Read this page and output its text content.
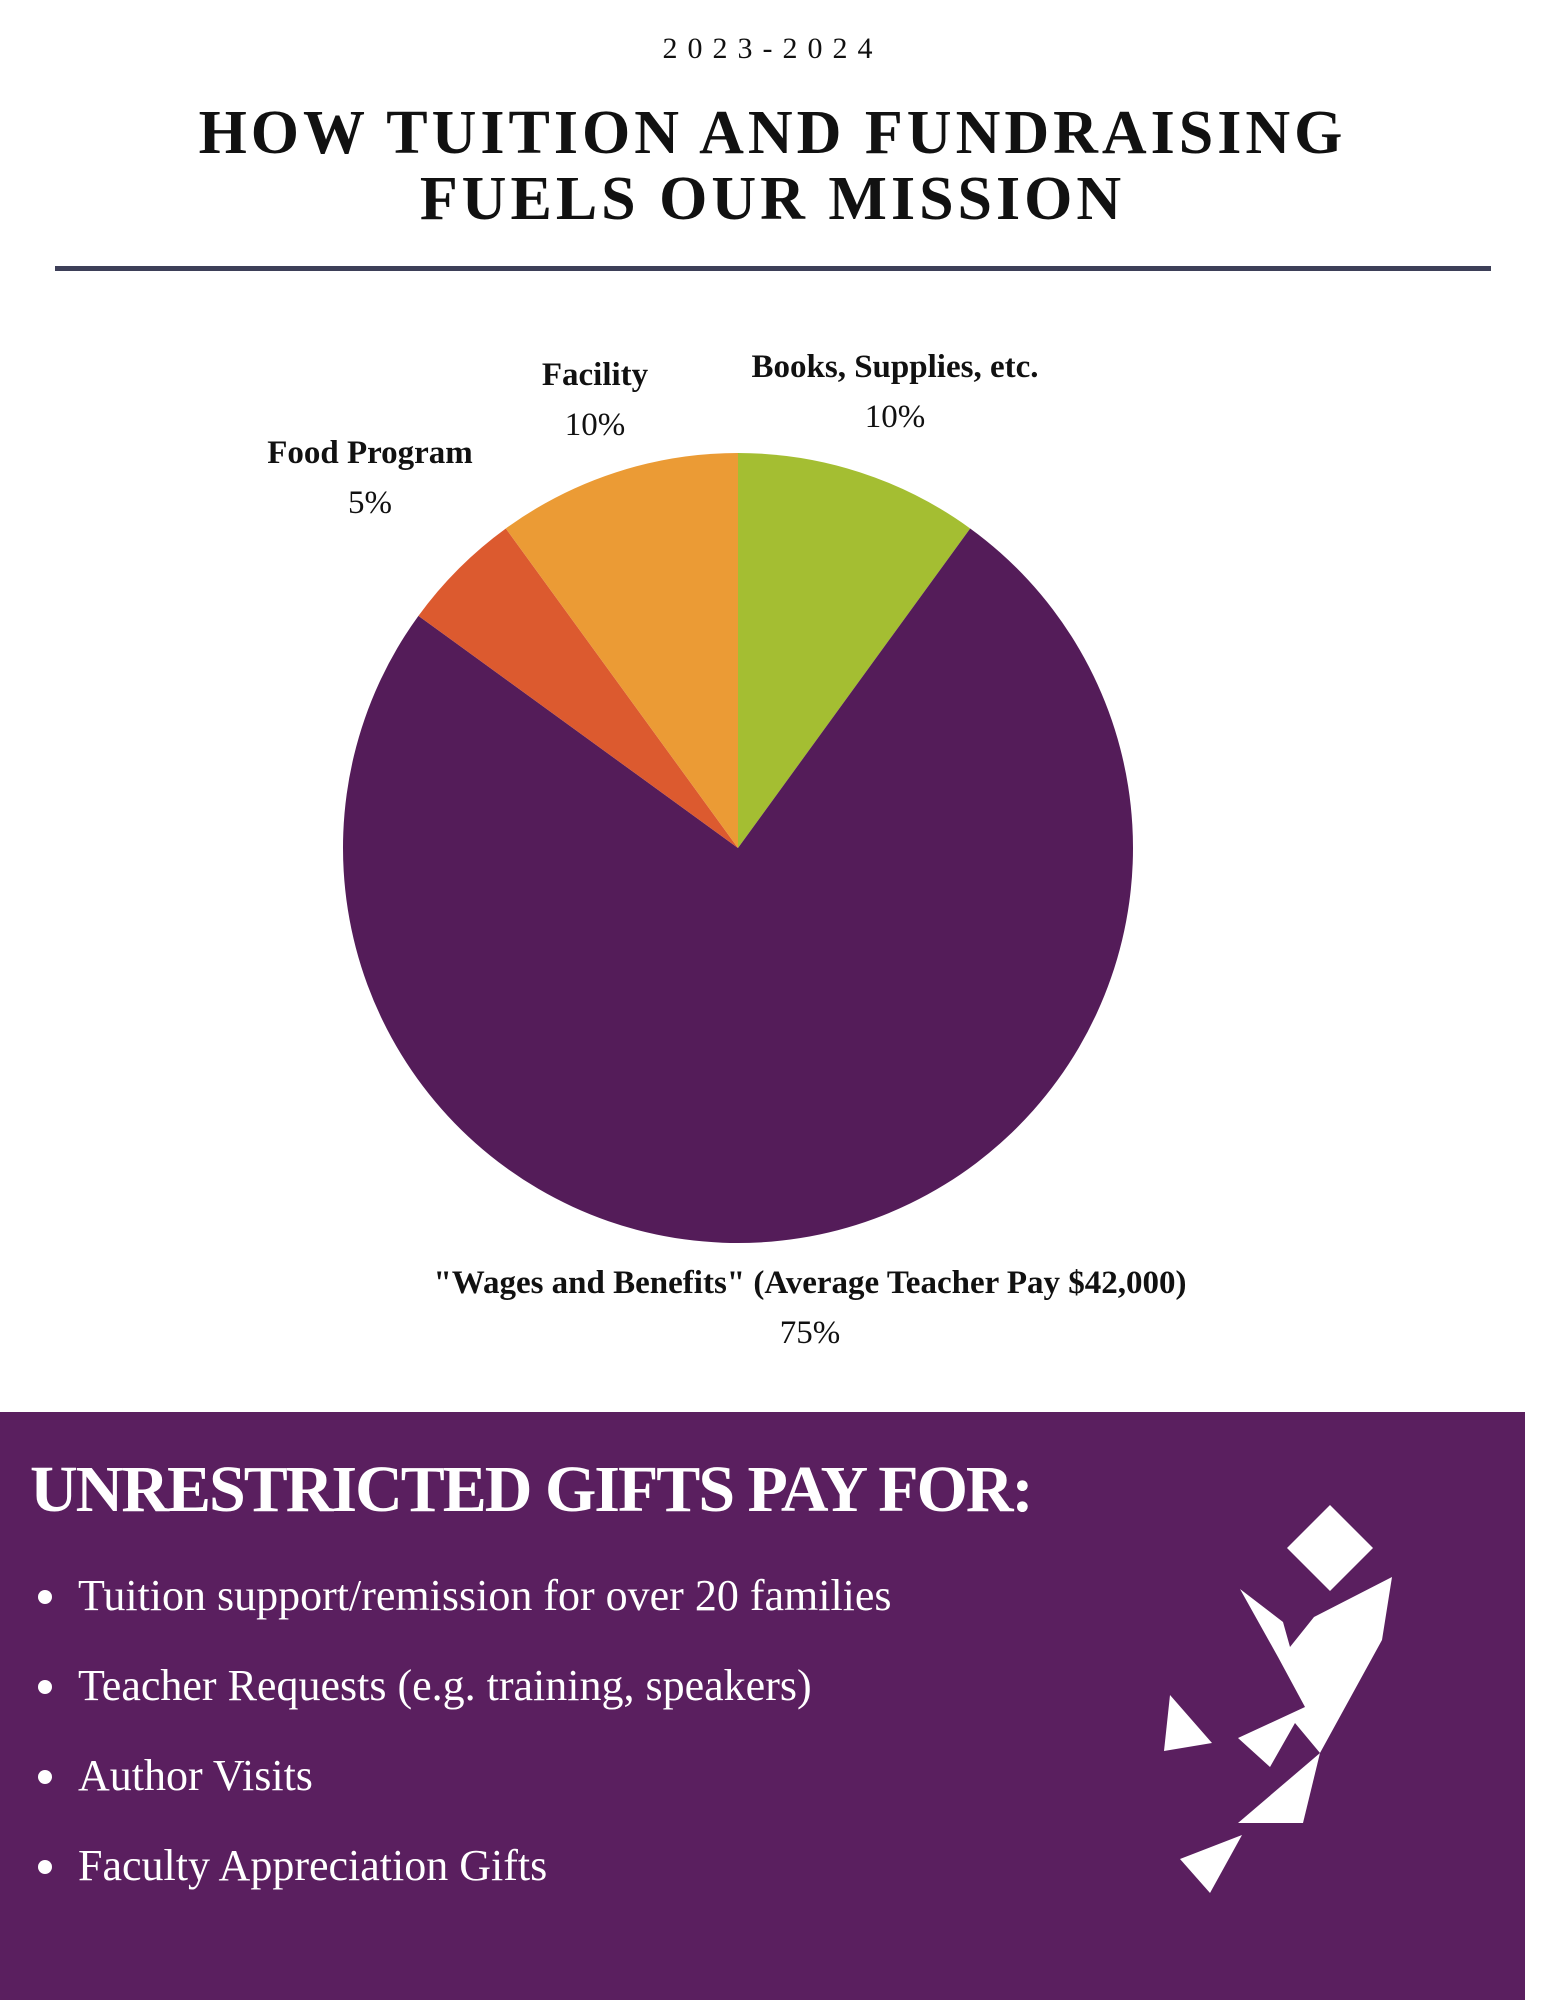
2023-2024
HOW TUITION AND FUNDRAISING
FUELS OUR MISSION
Books, Supplies, etc.
10%
Facility
10%
Food Program
5%
"Wages and Benefits" (Average Teacher Pay $42,000)
75%
UNRESTRICTED GIFTS PAY FOR:
Tuition support/remission for over 20 families
Teacher Requests (e.g. training, speakers)
Author Visits
Faculty Appreciation Gifts
